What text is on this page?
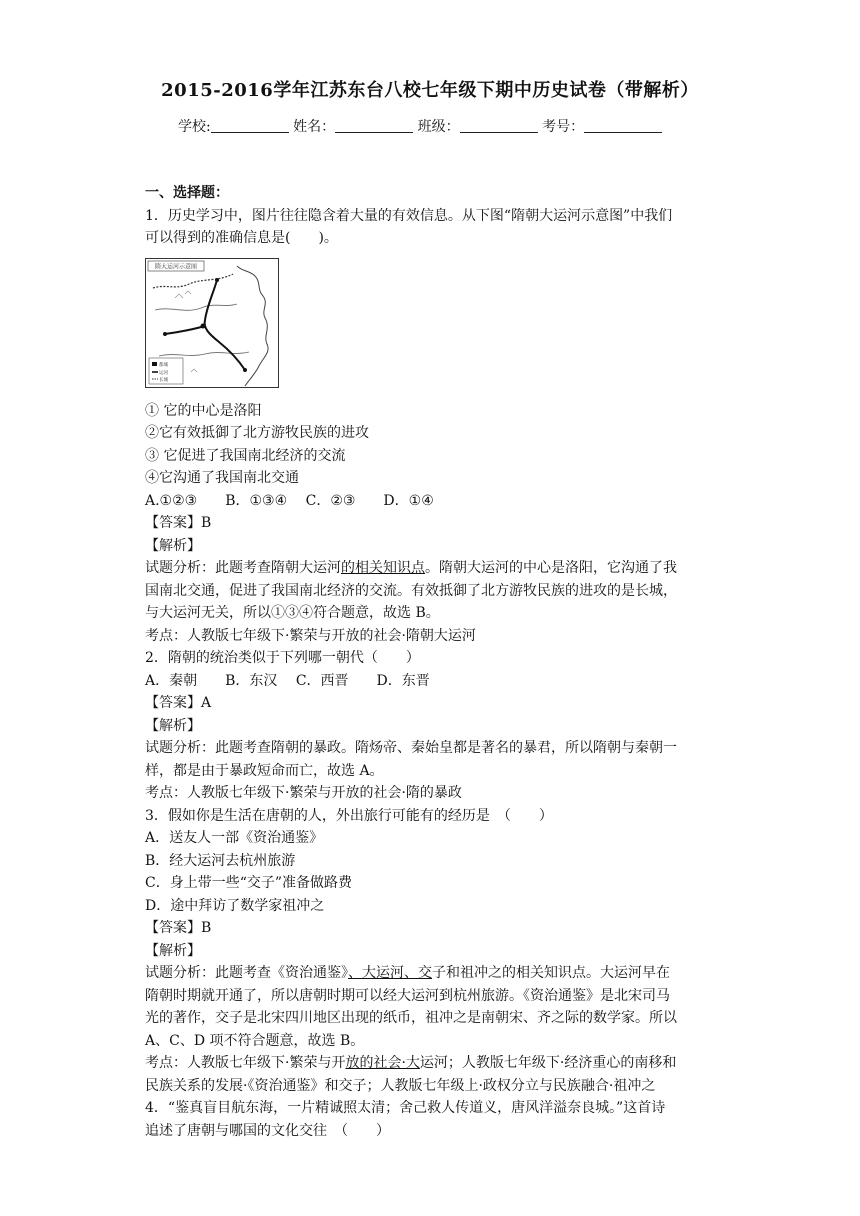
2015-2016学年江苏东台八校七年级下期中历史试卷（带解析）
学校:	姓名：	班级：	考号：
一、选择题：
1．历史学习中，图片往往隐含着大量的有效信息。从下图“隋朝大运河示意图”中我们
可以得到的准确信息是(　　)。
隋大运河示意图
都城
运河
长城
① 它的中心是洛阳
②它有效抵御了北方游牧民族的进攻
③ 它促进了我国南北经济的交流
④它沟通了我国南北交通
A.①②③　　B．①③④　 C．②③　　D．①④
【答案】B
【解析】
试题分析：此题考查隋朝大运河的相关知识点。隋朝大运河的中心是洛阳，它沟通了我
国南北交通，促进了我国南北经济的交流。有效抵御了北方游牧民族的进攻的是长城，
与大运河无关，所以①③④符合题意，故选 B。
考点：人教版七年级下·繁荣与开放的社会·隋朝大运河
2．隋朝的统治类似于下列哪一朝代（　　）
A．秦朝　　B．东汉　 C．西晋　　D．东晋
【答案】A
【解析】
试题分析：此题考查隋朝的暴政。隋炀帝、秦始皇都是著名的暴君，所以隋朝与秦朝一
样，都是由于暴政短命而亡，故选 A。
考点：人教版七年级下·繁荣与开放的社会·隋的暴政
3．假如你是生活在唐朝的人，外出旅行可能有的经历是　（　　）
A．送友人一部《资治通鉴》
B．经大运河去杭州旅游
C．身上带一些“交子”准备做路费
D．途中拜访了数学家祖冲之
【答案】B
【解析】
试题分析：此题考查《资治通鉴》、大运河、交子和祖冲之的相关知识点。大运河早在
隋朝时期就开通了，所以唐朝时期可以经大运河到杭州旅游。《资治通鉴》是北宋司马
光的著作，交子是北宋四川地区出现的纸币，祖冲之是南朝宋、齐之际的数学家。所以
A、C、D 项不符合题意，故选 B。
考点：人教版七年级下·繁荣与开放的社会·大运河；人教版七年级下·经济重心的南移和
民族关系的发展·《资治通鉴》和交子；人教版七年级上·政权分立与民族融合·祖冲之
4．“鉴真盲目航东海，一片精诚照太清；舍己救人传道义，唐风洋溢奈良城。”这首诗
追述了唐朝与哪国的文化交往　（　　）
